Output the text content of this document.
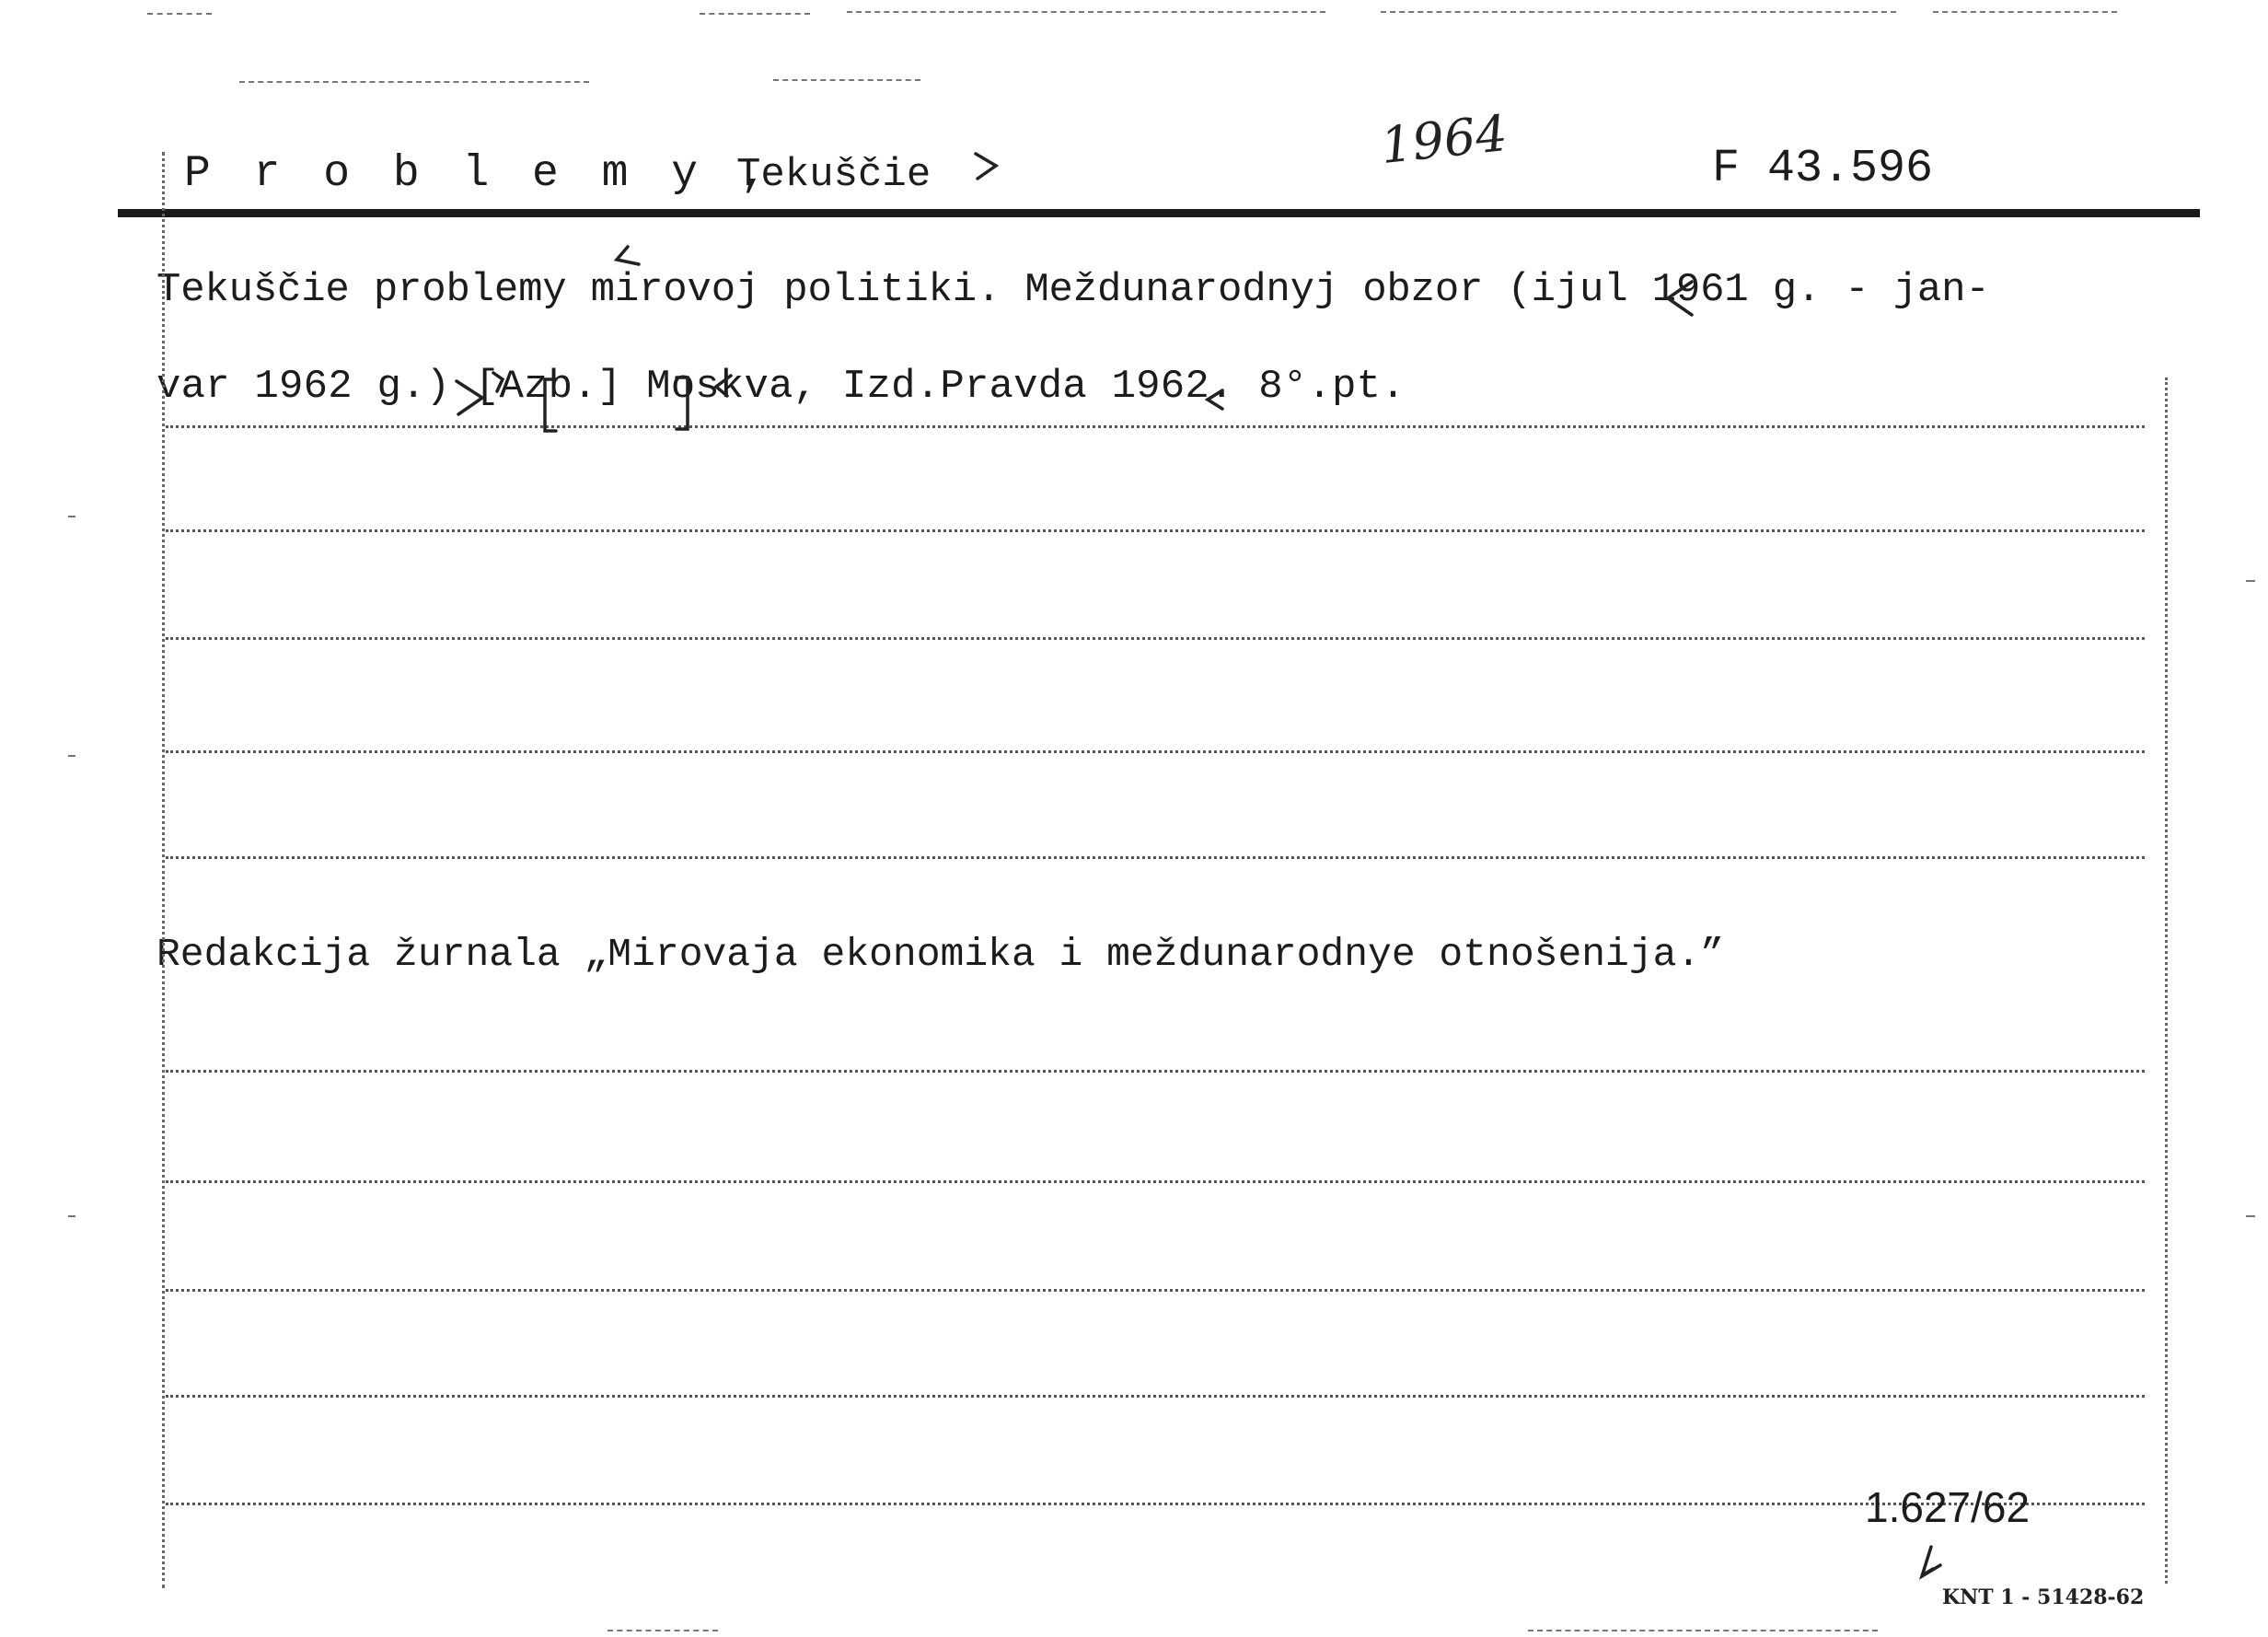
P r o b l e m y ,
Tekuščie	1964	F 43.596
Tekuščie problemy mirovoj politiki. Meždunarodnyj obzor (ijul 1961 g. - jan-
var 1962 g.) [Azb.] Moskva, Izd.Pravda 1962. 8°.pt.
Redakcija žurnala „Mirovaja ekonomika i meždunarodnye otnošenija.”
1.627/62
KNT 1 - 51428-62
